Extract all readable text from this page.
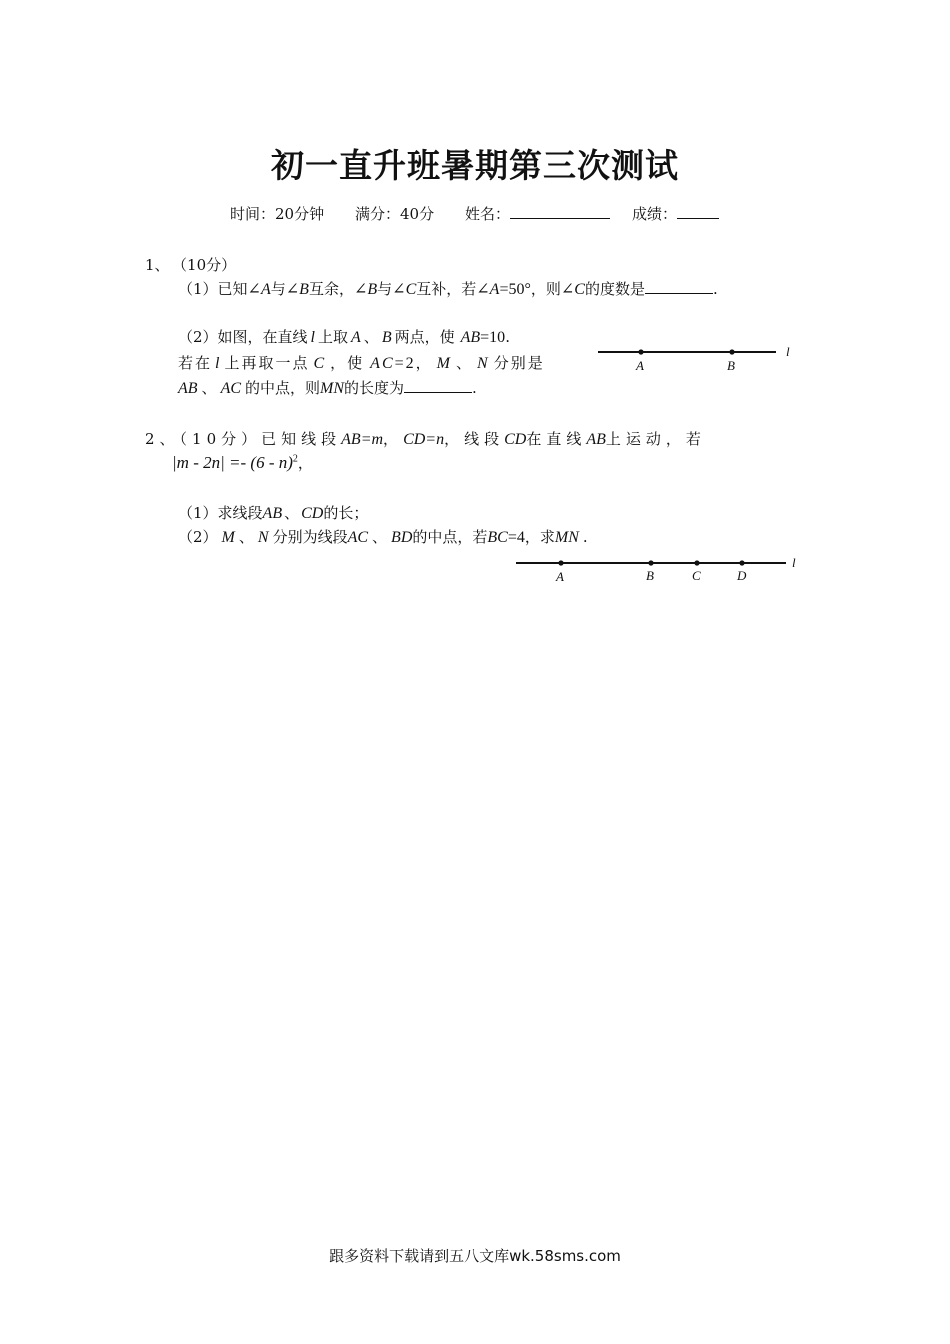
初一直升班暑期第三次测试
时间：20分钟 满分：40分 姓名：	成绩：
1、 （10分）
（1）已知∠A与∠B互余，∠B与∠C互补，若∠A=50°，则∠C的度数是	.
（2）如图，在直线 l 上取 A 、 B 两点，使 AB=10.
若在 l 上再取一点 C ，使 AC=2， M 、 N 分别是
AB 、 AC 的中点，则MN的长度为	.
A	B
l
2、（10分）已知线段AB=m，CD=n，线段CD在直线AB上运动，若
|m - 2n| =- (6 - n)$^2$，
（1）求线段AB 、 CD的长；
（2） M 、 N 分别为线段AC 、 BD的中点，若BC=4，求MN .
A	B	C	D
l
跟多资料下载请到五八文库wk.58sms.com
